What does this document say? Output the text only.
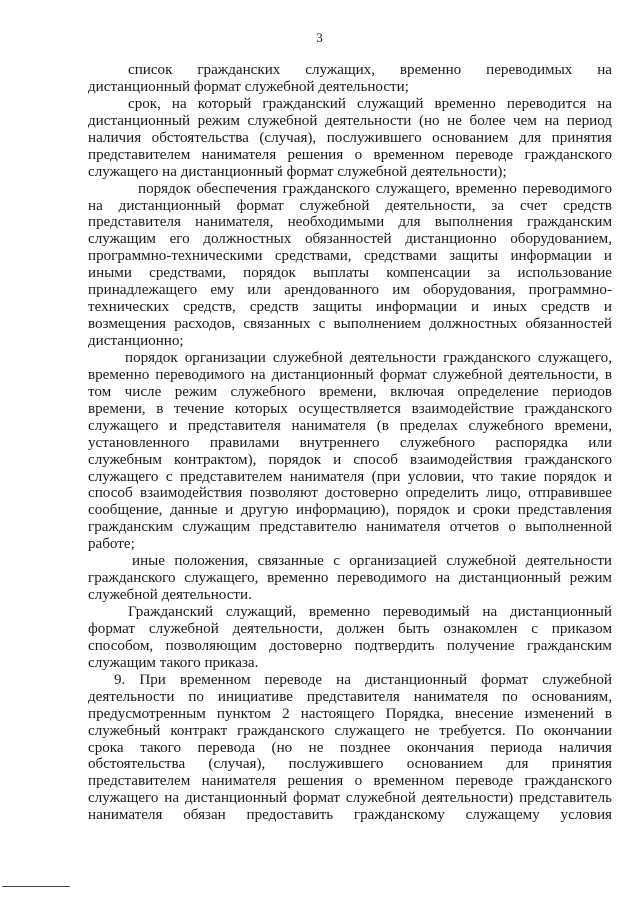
3
список гражданских служащих, временно переводимых на
дистанционный формат служебной деятельности;
срок, на который гражданский служащий временно переводится на
дистанционный режим служебной деятельности (но не более чем на период
наличия обстоятельства (случая), послужившего основанием для принятия
представителем нанимателя решения о временном переводе гражданского
служащего на дистанционный формат служебной деятельности);
порядок обеспечения гражданского служащего, временно переводимого
на дистанционный формат служебной деятельности, за счет средств
представителя нанимателя, необходимыми для выполнения гражданским
служащим его должностных обязанностей дистанционно оборудованием,
программно-техническими средствами, средствами защиты информации и
иными средствами, порядок выплаты компенсации за использование
принадлежащего ему или арендованного им оборудования, программно-
технических средств, средств защиты информации и иных средств и
возмещения расходов, связанных с выполнением должностных обязанностей
дистанционно;
порядок организации служебной деятельности гражданского служащего,
временно переводимого на дистанционный формат служебной деятельности, в
том числе режим служебного времени, включая определение периодов
времени, в течение которых осуществляется взаимодействие гражданского
служащего и представителя нанимателя (в пределах служебного времени,
установленного правилами внутреннего служебного распорядка или
служебным контрактом), порядок и способ взаимодействия гражданского
служащего с представителем нанимателя (при условии, что такие порядок и
способ взаимодействия позволяют достоверно определить лицо, отправившее
сообщение, данные и другую информацию), порядок и сроки представления
гражданским служащим представителю нанимателя отчетов о выполненной
работе;
иные положения, связанные с организацией служебной деятельности
гражданского служащего, временно переводимого на дистанционный режим
служебной деятельности.
Гражданский служащий, временно переводимый на дистанционный
формат служебной деятельности, должен быть ознакомлен с приказом
способом, позволяющим достоверно подтвердить получение гражданским
служащим такого приказа.
9. При временном переводе на дистанционный формат служебной
деятельности по инициативе представителя нанимателя по основаниям,
предусмотренным пунктом 2 настоящего Порядка, внесение изменений в
служебный контракт гражданского служащего не требуется. По окончании
срока такого перевода (но не позднее окончания периода наличия
обстоятельства (случая), послужившего основанием для принятия
представителем нанимателя решения о временном переводе гражданского
служащего на дистанционный формат служебной деятельности) представитель
нанимателя обязан предоставить гражданскому служащему условия
